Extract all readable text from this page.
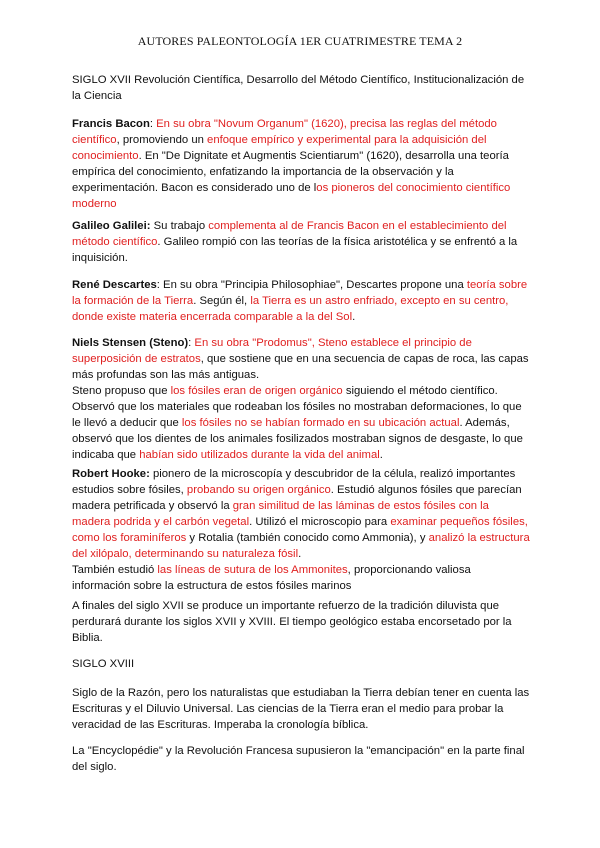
AUTORES PALEONTOLOGÍA 1ER CUATRIMESTRE TEMA 2

SIGLO XVII Revolución Científica, Desarrollo del Método Científico, Institucionalización de la Ciencia

Francis Bacon: En su obra "Novum Organum" (1620), precisa las reglas del método científico, promoviendo un enfoque empírico y experimental para la adquisición del conocimiento. En "De Dignitate et Augmentis Scientiarum" (1620), desarrolla una teoría empírica del conocimiento, enfatizando la importancia de la observación y la experimentación. Bacon es considerado uno de los pioneros del conocimiento científico moderno

Galileo Galilei: Su trabajo complementa al de Francis Bacon en el establecimiento del método científico. Galileo rompió con las teorías de la física aristotélica y se enfrentó a la inquisición.

René Descartes: En su obra "Principia Philosophiae", Descartes propone una teoría sobre la formación de la Tierra. Según él, la Tierra es un astro enfriado, excepto en su centro, donde existe materia encerrada comparable a la del Sol.

Niels Stensen (Steno): En su obra "Prodomus", Steno establece el principio de superposición de estratos, que sostiene que en una secuencia de capas de roca, las capas más profundas son las más antiguas.
Steno propuso que los fósiles eran de origen orgánico siguiendo el método científico. Observó que los materiales que rodeaban los fósiles no mostraban deformaciones, lo que le llevó a deducir que los fósiles no se habían formado en su ubicación actual. Además, observó que los dientes de los animales fosilizados mostraban signos de desgaste, lo que indicaba que habían sido utilizados durante la vida del animal.

Robert Hooke: pionero de la microscopía y descubridor de la célula, realizó importantes estudios sobre fósiles, probando su origen orgánico. Estudió algunos fósiles que parecían madera petrificada y observó la gran similitud de las láminas de estos fósiles con la madera podrida y el carbón vegetal. Utilizó el microscopio para examinar pequeños fósiles, como los foraminíferos y Rotalia (también conocido como Ammonia), y analizó la estructura del xilópalo, determinando su naturaleza fósil.
También estudió las líneas de sutura de los Ammonites, proporcionando valiosa información sobre la estructura de estos fósiles marinos

A finales del siglo XVII se produce un importante refuerzo de la tradición diluvista que perdurará durante los siglos XVII y XVIII. El tiempo geológico estaba encorsetado por la Biblia.

SIGLO XVIII

Siglo de la Razón, pero los naturalistas que estudiaban la Tierra debían tener en cuenta las Escrituras y el Diluvio Universal. Las ciencias de la Tierra eran el medio para probar la veracidad de las Escrituras. Imperaba la cronología bíblica.

La "Encyclopédie" y la Revolución Francesa supusieron la "emancipación" en la parte final del siglo.
